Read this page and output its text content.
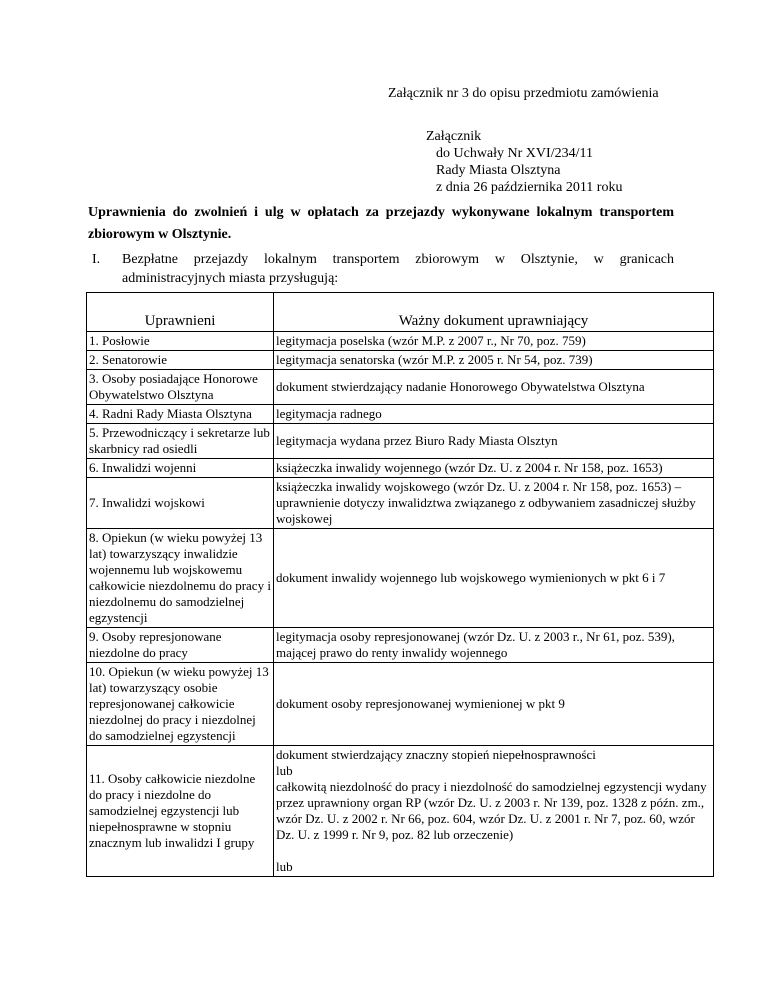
Załącznik nr 3 do opisu przedmiotu zamówienia
Załącznik
do Uchwały Nr XVI/234/11
Rady Miasta Olsztyna
z dnia 26 października 2011 roku
Uprawnienia do zwolnień i ulg w opłatach za przejazdy wykonywane lokalnym transportem zbiorowym w Olsztynie.
I. Bezpłatne przejazdy lokalnym transportem zbiorowym w Olsztynie, w granicach administracyjnych miasta przysługują:
Uprawnieni	Ważny dokument uprawniający
1. Posłowie	legitymacja poselska (wzór M.P. z 2007 r., Nr 70, poz. 759)
2. Senatorowie	legitymacja senatorska (wzór M.P. z 2005 r. Nr 54, poz. 739)
3. Osoby posiadające Honorowe Obywatelstwo Olsztyna	dokument stwierdzający nadanie Honorowego Obywatelstwa Olsztyna
4. Radni Rady Miasta Olsztyna	legitymacja radnego
5. Przewodniczący i sekretarze lub skarbnicy rad osiedli	legitymacja wydana przez Biuro Rady Miasta Olsztyn
6. Inwalidzi wojenni	książeczka inwalidy wojennego (wzór Dz. U. z 2004 r. Nr 158, poz. 1653)
7. Inwalidzi wojskowi	książeczka inwalidy wojskowego (wzór Dz. U. z 2004 r. Nr 158, poz. 1653) – uprawnienie dotyczy inwalidztwa związanego z odbywaniem zasadniczej służby wojskowej
8. Opiekun (w wieku powyżej 13 lat) towarzyszący inwalidzie wojennemu lub wojskowemu całkowicie niezdolnemu do pracy i niezdolnemu do samodzielnej egzystencji	dokument inwalidy wojennego lub wojskowego wymienionych w pkt 6 i 7
9. Osoby represjonowane niezdolne do pracy	legitymacja osoby represjonowanej (wzór Dz. U. z 2003 r., Nr 61, poz. 539), mającej prawo do renty inwalidy wojennego
10. Opiekun (w wieku powyżej 13 lat) towarzyszący osobie represjonowanej całkowicie niezdolnej do pracy i niezdolnej do samodzielnej egzystencji	dokument osoby represjonowanej wymienionej w pkt 9
11. Osoby całkowicie niezdolne do pracy i niezdolne do samodzielnej egzystencji lub niepełnosprawne w stopniu znacznym lub inwalidzi I grupy	dokument stwierdzający znaczny stopień niepełnosprawności
lub
całkowitą niezdolność do pracy i niezdolność do samodzielnej egzystencji wydany przez uprawniony organ RP (wzór Dz. U. z 2003 r. Nr 139, poz. 1328 z późn. zm., wzór Dz. U. z 2002 r. Nr 66, poz. 604, wzór Dz. U. z 2001 r. Nr 7, poz. 60, wzór Dz. U. z 1999 r. Nr 9, poz. 82 lub orzeczenie)
lub
